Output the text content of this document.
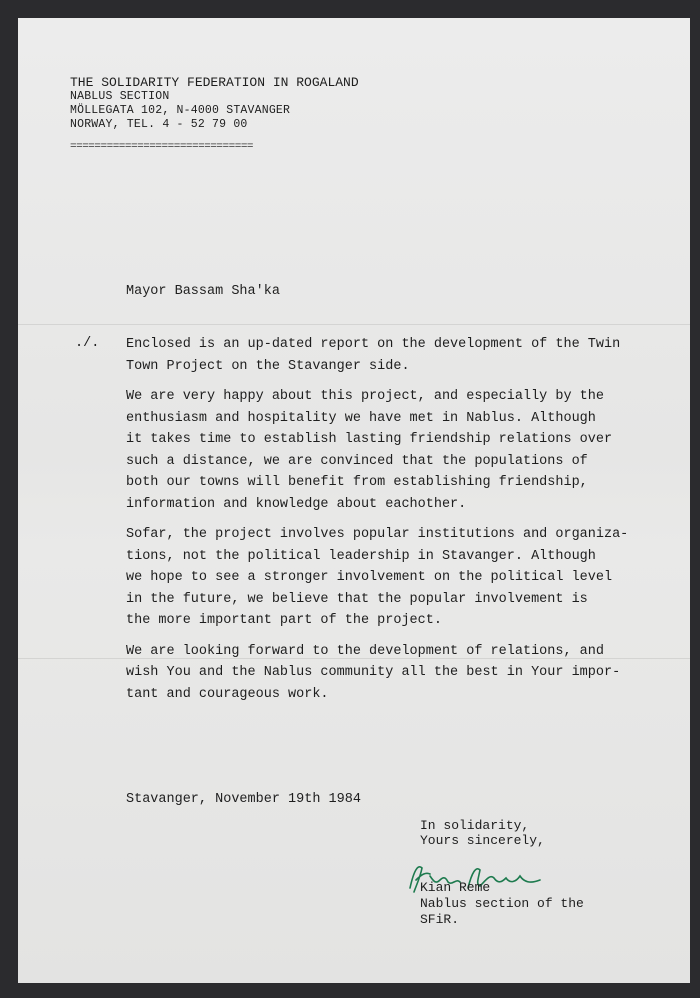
THE SOLIDARITY FEDERATION IN ROGALAND
NABLUS SECTION
MÖLLEGATA 102, N-4000 STAVANGER
NORWAY, TEL. 4 - 52 79 00
==============================
Mayor Bassam Sha'ka
./. Enclosed is an up-dated report on the development of the Twin
Town Project on the Stavanger side.

We are very happy about this project, and especially by the
enthusiasm and hospitality we have met in Nablus. Although
it takes time to establish lasting friendship relations over
such a distance, we are convinced that the populations of
both our towns will benefit from establishing friendship,
information and knowledge about eachother.

Sofar, the project involves popular institutions and organiza-
tions, not the political leadership in Stavanger. Although
we hope to see a stronger involvement on the political level
in the future, we believe that the popular involvement is
the more important part of the project.

We are looking forward to the development of relations, and
wish You and the Nablus community all the best in Your impor-
tant and courageous work.

Stavanger, November 19th 1984
In solidarity,
Yours sincerely,
Kian Reme
Nablus section of the
SFiR.
